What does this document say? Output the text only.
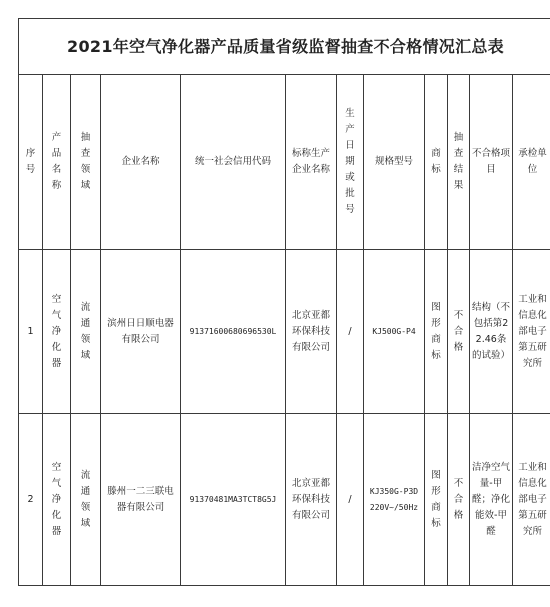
2021年空气净化器产品质量省级监督抽查不合格情况汇总表											
序号	产品名称	抽查领域	企业名称	统一社会信用代码	标称生产企业名称	生产日期或批号	规格型号	商标	抽查结果	不合格项目	承检单位
1	空气净化器	流通领域	滨州日日顺电器有限公司	91371600680696530L	北京亚都环保科技有限公司	/	KJ500G-P4	图形商标	不合格	结构（不包括第22.46条的试验）	工业和信息化部电子第五研究所
2	空气净化器	流通领域	滕州一二三联电器有限公司	91370481MA3TCT8G5J	北京亚都环保科技有限公司	/	KJ350G-P3D 220V~/50Hz	图形商标	不合格	洁净空气量-甲醛；净化能效-甲醛	工业和信息化部电子第五研究所
